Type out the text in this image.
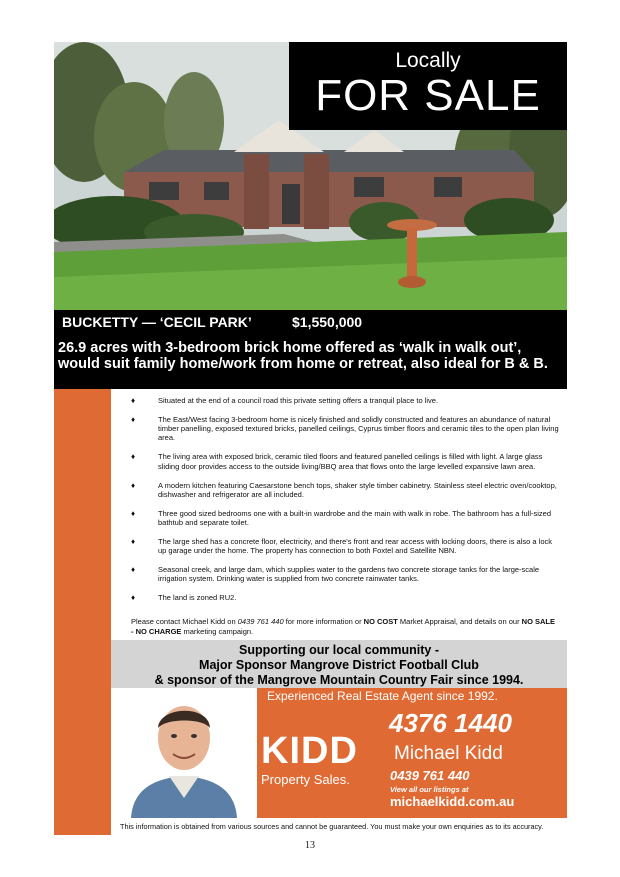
Locally
FOR SALE
BUCKETTY — ‘CECIL PARK’	$1,550,000
26.9 acres with 3-bedroom brick home offered as ‘walk in walk out’, would suit family home/work from home or retreat, also ideal for B & B.
♦	Situated at the end of a council road this private setting offers a tranquil place to live.
♦	The East/West facing 3-bedroom home is nicely finished and solidly constructed and features an abundance of natural timber panelling, exposed textured bricks, panelled ceilings, Cyprus timber floors and ceramic tiles to the open plan living area.
♦	The living area with exposed brick, ceramic tiled floors and featured panelled ceilings is filled with light. A large glass sliding door provides access to the outside living/BBQ area that flows onto the large levelled expansive lawn area.
♦	A modern kitchen featuring Caesarstone bench tops, shaker style timber cabinetry. Stainless steel electric oven/cooktop, dishwasher and refrigerator are all included.
♦	Three good sized bedrooms one with a built-in wardrobe and the main with walk in robe. The bathroom has a full-sized bathtub and separate toilet.
♦	The large shed has a concrete floor, electricity, and there's front and rear access with locking doors, there is also a lock up garage under the home. The property has connection to both Foxtel and Satellite NBN.
♦	Seasonal creek, and large dam, which supplies water to the gardens two concrete storage tanks for the large-scale irrigation system. Drinking water is supplied from two concrete rainwater tanks.
♦	The land is zoned RU2.
Please contact Michael Kidd on 0439 761 440 for more information or NO COST Market Appraisal, and details on our NO SALE - NO CHARGE marketing campaign.
Supporting our local community -
Major Sponsor Mangrove District Football Club
& sponsor of the Mangrove Mountain Country Fair since 1994.
Experienced Real Estate Agent since 1992.
4376 1440
KIDD Michael Kidd
Property Sales.	0439 761 440
View all our listings at
michaelkidd.com.au
This information is obtained from various sources and cannot be guaranteed. You must make your own enquiries as to its accuracy.
13
